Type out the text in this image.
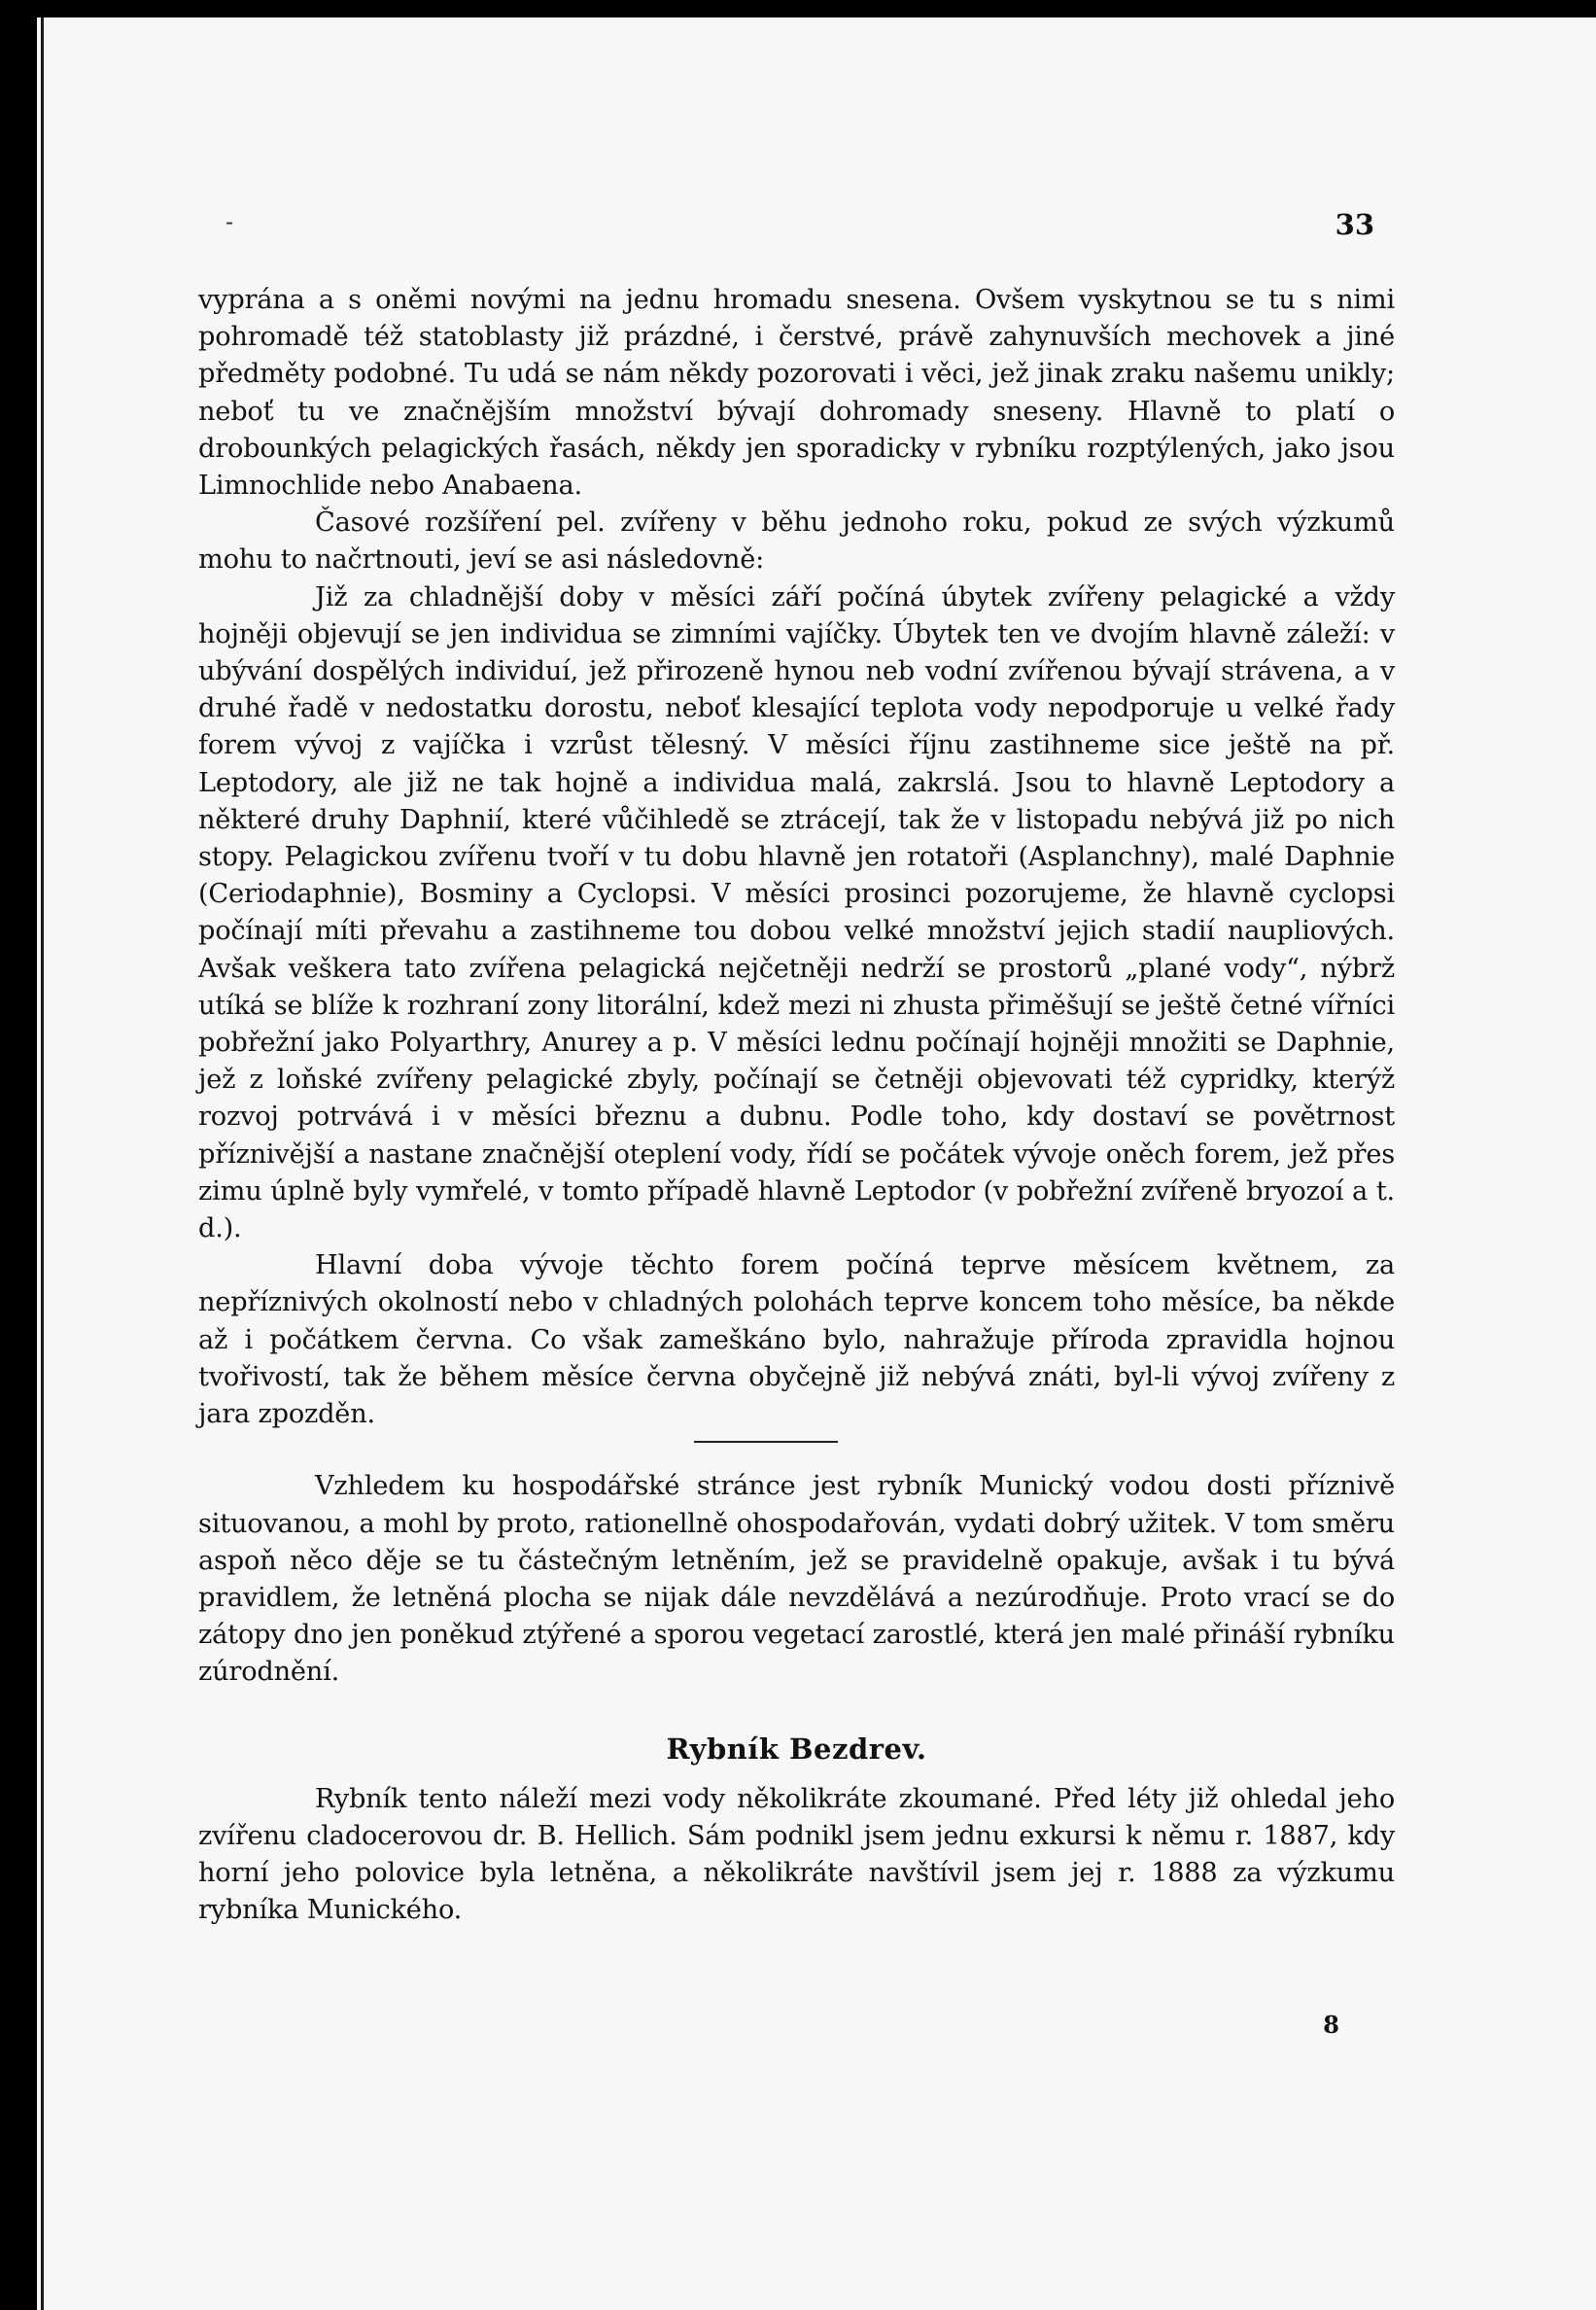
-	33

vyprána a s oněmi novými na jednu hromadu snesena. Ovšem vyskytnou se tu s nimi pohromadě též statoblasty již prázdné, i čerstvé, právě zahynuvších mechovek a jiné předměty podobné. Tu udá se nám někdy pozorovati i věci, jež jinak zraku našemu unikly; neboť tu ve značnějším množství bývají dohromady sneseny. Hlavně to platí o drobounkých pelagických řasách, někdy jen sporadicky v rybníku rozptýlených, jako jsou Limnochlide nebo Anabaena.

Časové rozšíření pel. zvířeny v běhu jednoho roku, pokud ze svých výzkumů mohu to načrtnouti, jeví se asi následovně:

Již za chladnější doby v měsíci září počíná úbytek zvířeny pelagické a vždy hojněji objevují se jen individua se zimními vajíčky. Úbytek ten ve dvojím hlavně záleží: v ubývání dospělých individuí, jež přirozeně hynou neb vodní zvířenou bývají strávena, a v druhé řadě v nedostatku dorostu, neboť klesající teplota vody nepodporuje u velké řady forem vývoj z vajíčka i vzrůst tělesný. V měsíci říjnu zastihneme sice ještě na př. Leptodory, ale již ne tak hojně a individua malá, zakrslá. Jsou to hlavně Leptodory a některé druhy Daphnií, které vůčihledě se ztrácejí, tak že v listopadu nebývá již po nich stopy. Pelagickou zvířenu tvoří v tu dobu hlavně jen rotatoři (Asplanchny), malé Daphnie (Ceriodaphnie), Bosminy a Cyclopsi. V měsíci prosinci pozorujeme, že hlavně cyclopsi počínají míti převahu a zastihneme tou dobou velké množství jejich stadií naupliových. Avšak veškera tato zvířena pelagická nejčetněji nedrží se prostorů „plané vody“, nýbrž utíká se blíže k rozhraní zony litorální, kdež mezi ni zhusta přiměšují se ještě četné vířníci pobřežní jako Polyarthry, Anurey a p. V měsíci lednu počínají hojněji množiti se Daphnie, jež z loňské zvířeny pelagické zbyly, počínají se četněji objevovati též cypridky, kterýž rozvoj potrvává i v měsíci březnu a dubnu. Podle toho, kdy dostaví se povětrnost příznivější a nastane značnější oteplení vody, řídí se počátek vývoje oněch forem, jež přes zimu úplně byly vymřelé, v tomto případě hlavně Leptodor (v pobřežní zvířeně bryozoí a t. d.).

Hlavní doba vývoje těchto forem počíná teprve měsícem květnem, za nepříznivých okolností nebo v chladných polohách teprve koncem toho měsíce, ba někde až i počátkem června. Co však zameškáno bylo, nahražuje příroda zpravidla hojnou tvořivostí, tak že během měsíce června obyčejně již nebývá znáti, byl-li vývoj zvířeny z jara zpozděn.

Vzhledem ku hospodářské stránce jest rybník Munický vodou dosti příznivě situovanou, a mohl by proto, rationellně ohospodařován, vydati dobrý užitek. V tom směru aspoň něco děje se tu částečným letněním, jež se pravidelně opakuje, avšak i tu bývá pravidlem, že letněná plocha se nijak dále nevzdělává a nezúrodňuje. Proto vrací se do zátopy dno jen poněkud ztýřené a sporou vegetací zarostlé, která jen malé přináší rybníku zúrodnění.

Rybník Bezdrev.

Rybník tento náleží mezi vody několikráte zkoumané. Před léty již ohledal jeho zvířenu cladocerovou dr. B. Hellich. Sám podnikl jsem jednu exkursi k němu r. 1887, kdy horní jeho polovice byla letněna, a několikráte navštívil jsem jej r. 1888 za výzkumu rybníka Munického.

8
